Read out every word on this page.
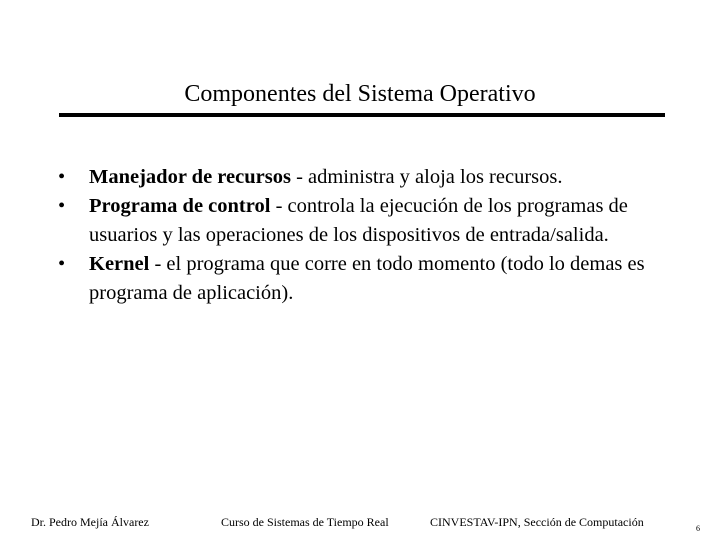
Componentes del Sistema Operativo
• Manejador de recursos - administra y aloja los recursos.
• Programa de control - controla la ejecución de los programas de usuarios y las operaciones de los dispositivos de entrada/salida.
• Kernel - el programa que corre en todo momento (todo lo demas es programa de aplicación).
Dr. Pedro Mejía Álvarez	Curso de Sistemas de Tiempo Real	CINVESTAV-IPN, Sección de Computación	6
